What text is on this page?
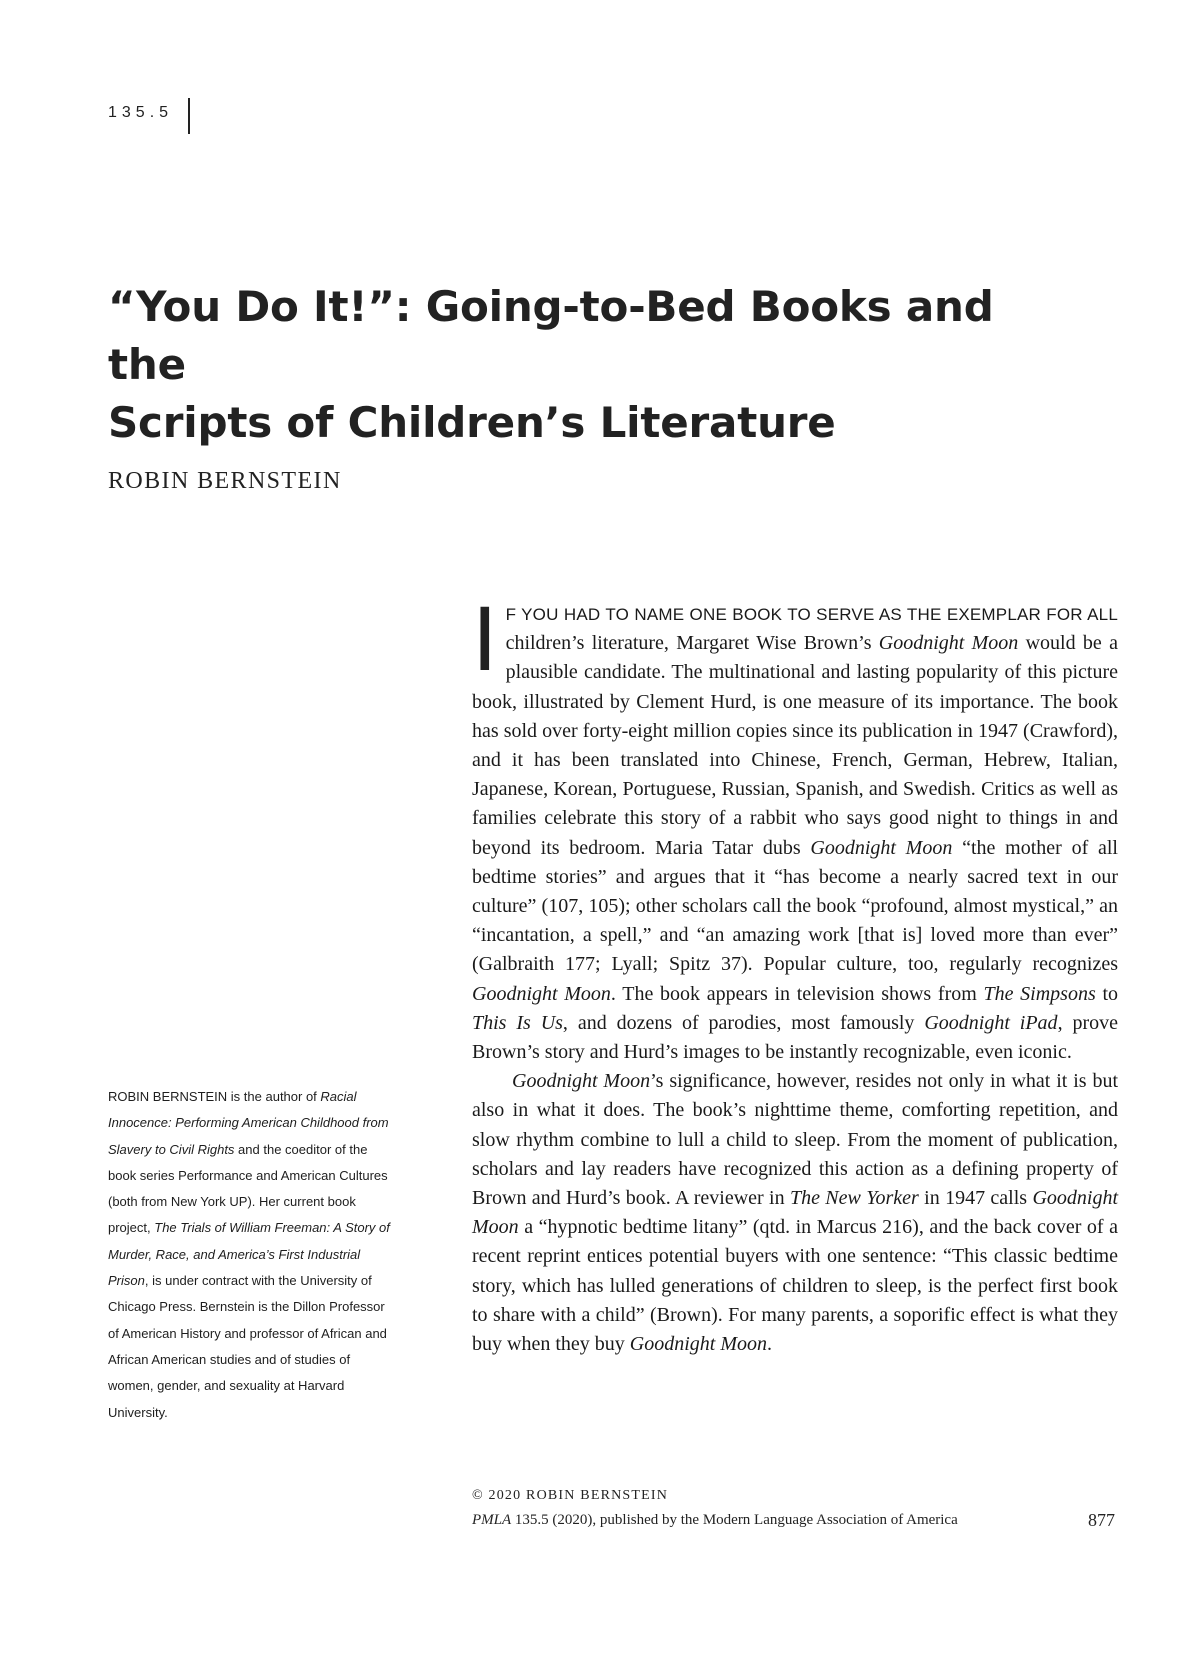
135.5
“You Do It!”: Going-to-Bed Books and the
Scripts of Children’s Literature
ROBIN BERNSTEIN
ROBIN BERNSTEIN is the author of Racial Innocence: Performing American Childhood from Slavery to Civil Rights and the coeditor of the book series Performance and American Cultures (both from New York UP). Her current book project, The Trials of William Freeman: A Story of Murder, Race, and America’s First Industrial Prison, is under contract with the University of Chicago Press. Bernstein is the Dillon Professor of American History and professor of African and African American studies and of studies of women, gender, and sexuality at Harvard University.

I F YOU HAD TO NAME ONE BOOK TO SERVE AS THE EXEMPLAR FOR ALL children’s literature, Margaret Wise Brown’s Goodnight Moon would be a plausible candidate. The multinational and lasting popularity of this picture book, illustrated by Clement Hurd, is one measure of its importance. The book has sold over forty-eight million copies since its publication in 1947 (Crawford), and it has been translated into Chinese, French, German, Hebrew, Italian, Japanese, Korean, Portuguese, Russian, Spanish, and Swedish. Critics as well as families celebrate this story of a rabbit who says good night to things in and beyond its bedroom. Maria Tatar dubs Goodnight Moon “the mother of all bedtime stories” and argues that it “has become a nearly sacred text in our culture” (107, 105); other scholars call the book “profound, almost mystical,” an “incantation, a spell,” and “an amazing work [that is] loved more than ever” (Galbraith 177; Lyall; Spitz 37). Popular culture, too, regularly recognizes Goodnight Moon. The book appears in television shows from The Simpsons to This Is Us, and dozens of parodies, most famously Goodnight iPad, prove Brown’s story and Hurd’s images to be instantly recognizable, even iconic.

Goodnight Moon’s significance, however, resides not only in what it is but also in what it does. The book’s nighttime theme, comforting repetition, and slow rhythm combine to lull a child to sleep. From the moment of publication, scholars and lay readers have recognized this action as a defining property of Brown and Hurd’s book. A reviewer in The New Yorker in 1947 calls Goodnight Moon a “hypnotic bedtime litany” (qtd. in Marcus 216), and the back cover of a recent reprint entices potential buyers with one sentence: “This classic bedtime story, which has lulled generations of children to sleep, is the perfect first book to share with a child” (Brown). For many parents, a soporific effect is what they buy when they buy Goodnight Moon.

© 2020 ROBIN BERNSTEIN
PMLA 135.5 (2020), published by the Modern Language Association of America	877
